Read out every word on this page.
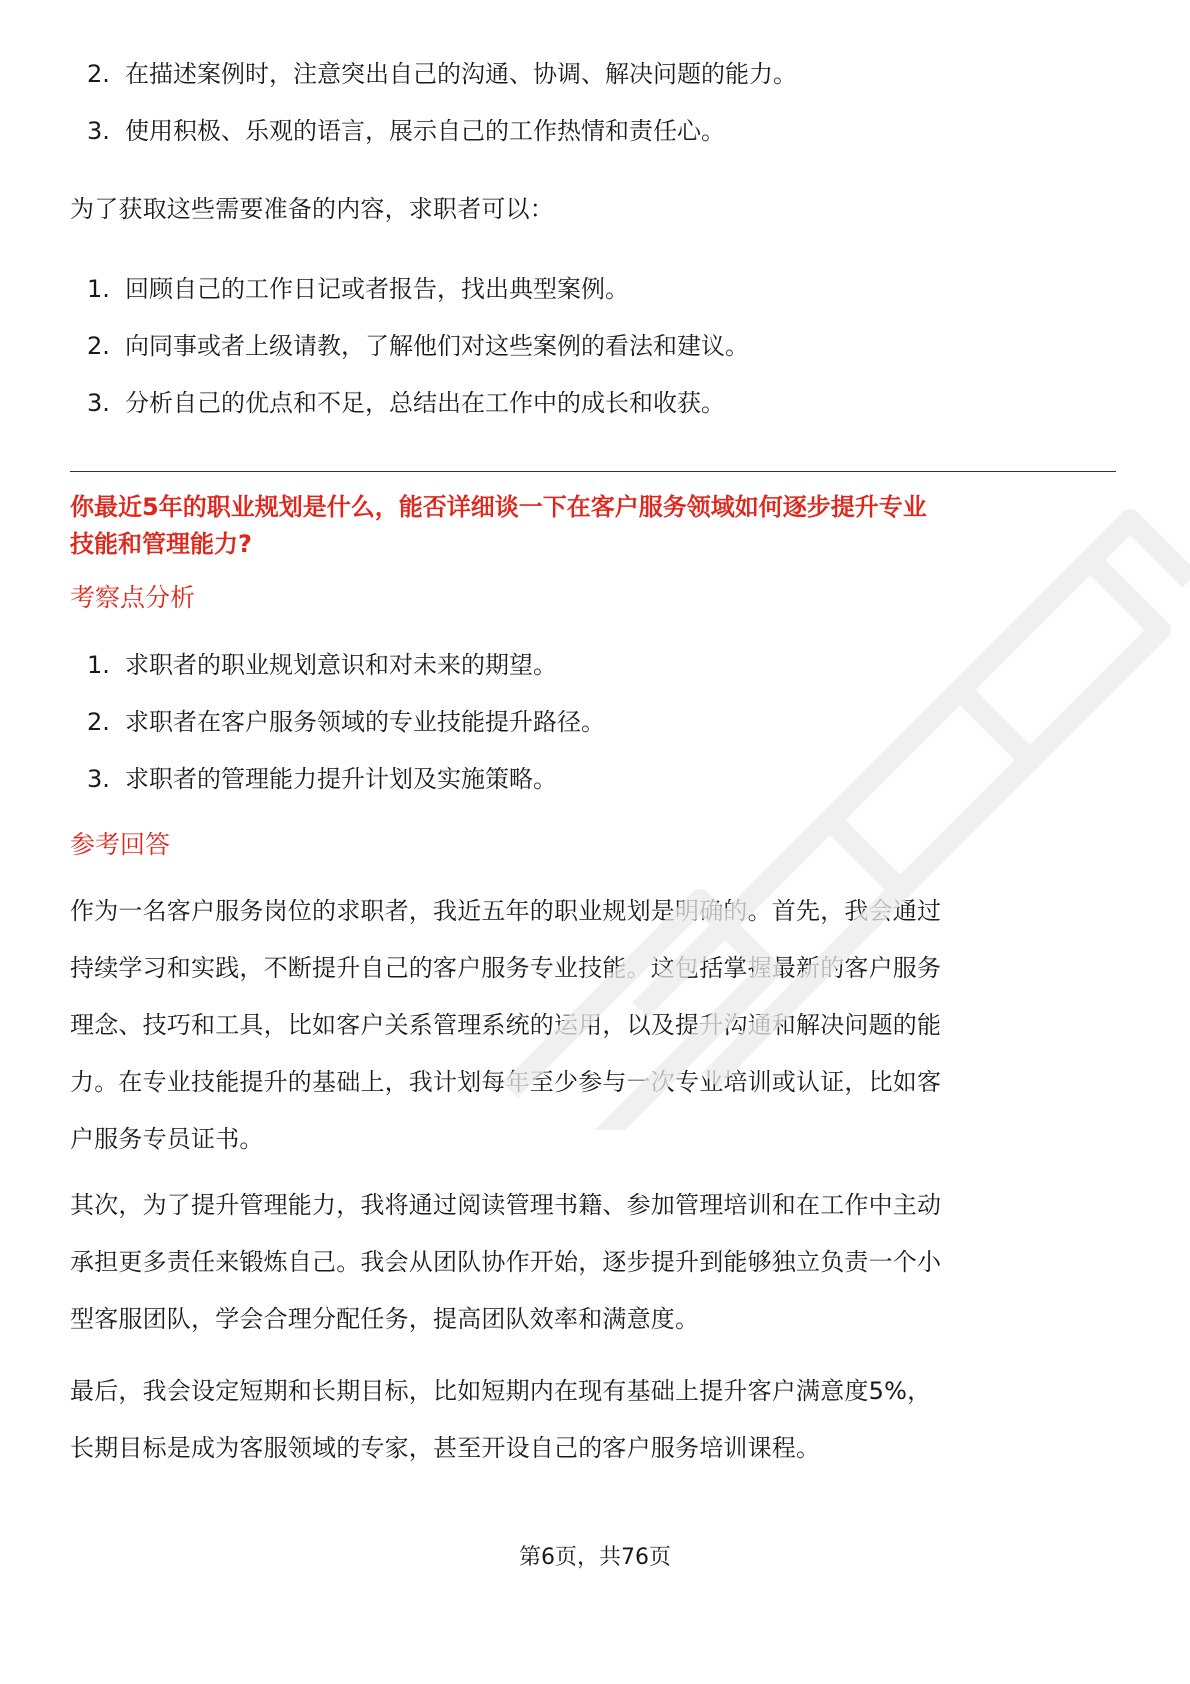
2. 在描述案例时，注意突出自己的沟通、协调、解决问题的能力。
3. 使用积极、乐观的语言，展示自己的工作热情和责任心。

为了获取这些需要准备的内容，求职者可以：

1. 回顾自己的工作日记或者报告，找出典型案例。
2. 向同事或者上级请教，了解他们对这些案例的看法和建议。
3. 分析自己的优点和不足，总结出在工作中的成长和收获。

你最近5年的职业规划是什么，能否详细谈一下在客户服务领域如何逐步提升专业

技能和管理能力?

考察点分析

1. 求职者的职业规划意识和对未来的期望。
2. 求职者在客户服务领域的专业技能提升路径。
3. 求职者的管理能力提升计划及实施策略。

参考回答

作为一名客户服务岗位的求职者，我近五年的职业规划是明确的。首先，我会通过

持续学习和实践，不断提升自己的客户服务专业技能。这包括掌握最新的客户服务

理念、技巧和工具，比如客户关系管理系统的运用，以及提升沟通和解决问题的能

力。在专业技能提升的基础上，我计划每年至少参与一次专业培训或认证，比如客

户服务专员证书。

其次，为了提升管理能力，我将通过阅读管理书籍、参加管理培训和在工作中主动

承担更多责任来锻炼自己。我会从团队协作开始，逐步提升到能够独立负责一个小

型客服团队，学会合理分配任务，提高团队效率和满意度。

最后，我会设定短期和长期目标，比如短期内在现有基础上提升客户满意度5%，

长期目标是成为客服领域的专家，甚至开设自己的客户服务培训课程。

第6页，共76页
